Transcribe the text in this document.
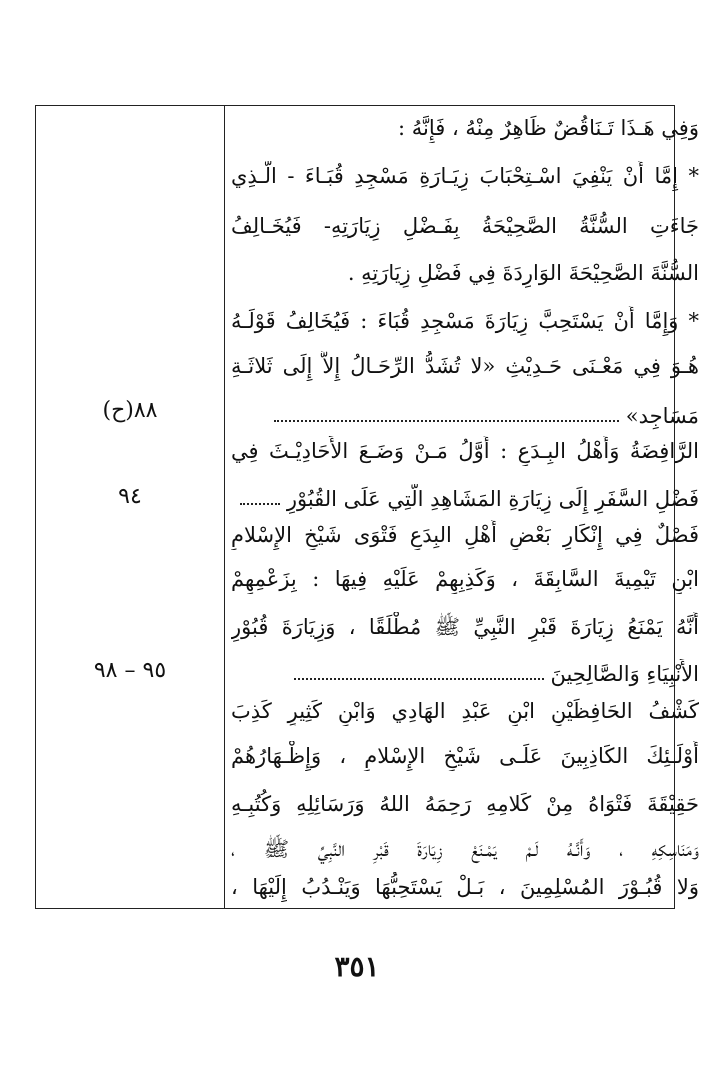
وَفِي هَـذَا تَـنَاقُضٌ ظَاهِرٌ مِنْهُ ، فَإِنَّهُ :
* إِمَّا أَنْ يَنْفِيَ اسْـتِحْبَابَ زِيَـارَةِ مَسْجِدِ قُبَـاءَ - الَّـذِي
جَاءَتِ السُّنَّةُ الصَّحِيْحَةُ بِفَـضْلِ زِيَارَتِهِ- فَيُخَـالِفُ
السُّنَّةَ الصَّحِيْحَةَ الوَارِدَةَ فِي فَضْلِ زِيَارَتِهِ .
* وَإِمَّا أَنْ يَسْتَحِبَّ زِيَارَةَ مَسْجِدِ قُبَاءَ : فَيُخَالِفُ قَوْلَـهُ
هُـوَ فِي مَعْـنَى حَـدِيْثِ «لا تُشَدُّ الرِّحَـالُ إِلاَّ إِلَى ثَلاثَـةِ
مَسَاجِد»
٨٨(ح)
الرَّافِضَةُ وَأَهْلُ البِـدَعِ : أَوَّلُ مَـنْ وَضَـعَ الأَحَادِيْـثَ فِي
فَضْلِ السَّفَرِ إِلَى زِيَارَةِ المَشَاهِدِ الَّتِي عَلَى القُبُوْرِ
٩٤
فَصْلٌ فِي إِنْكَارِ بَعْضِ أَهْلِ البِدَعِ فَتْوَى شَيْخِ الإِسْلامِ
ابْنِ تَيْمِيةَ السَّابِقَةَ ، وَكَذِبِهِمْ عَلَيْهِ فِيهَا : بِزَعْمِهِمْ
أَنَّهُ يَمْنَعُ زِيَارَةَ قَبْرِ النَّبِيِّ ﷺ مُطْلَقًا ، وَزِيَارَةَ قُبُوْرِ
الأَنْبِيَاءِ وَالصَّالِحِينَ
٩٥ – ٩٨
كَشْفُ الحَافِظَيْنِ ابْنِ عَبْدِ الهَادِي وَابْنِ كَثِيرٍ كَذِبَ
أُوْلَـئِكَ الكَاذِبِينَ عَلَـى شَيْخِ الإِسْلامِ ، وَإِظْـهَارُهُمْ
حَقِيْقَةَ فَتْوَاهُ مِنْ كَلامِهِ رَحِمَهُ اللهُ وَرَسَائِلِهِ وَكُتُبِـهِ
وَمَنَاسِكِهِ ، وَأَنَّـهُ لَـمْ يَمْـنَعْ زِيَارَةَ قَبْرِ النَّبِيِّ ﷺ ،
وَلا قُبُـوْرَ المُسْلِمِينَ ، بَـلْ يَسْتَحِبُّهَا وَيَنْـدُبُ إِلَيْهَا ،
٣٥١
